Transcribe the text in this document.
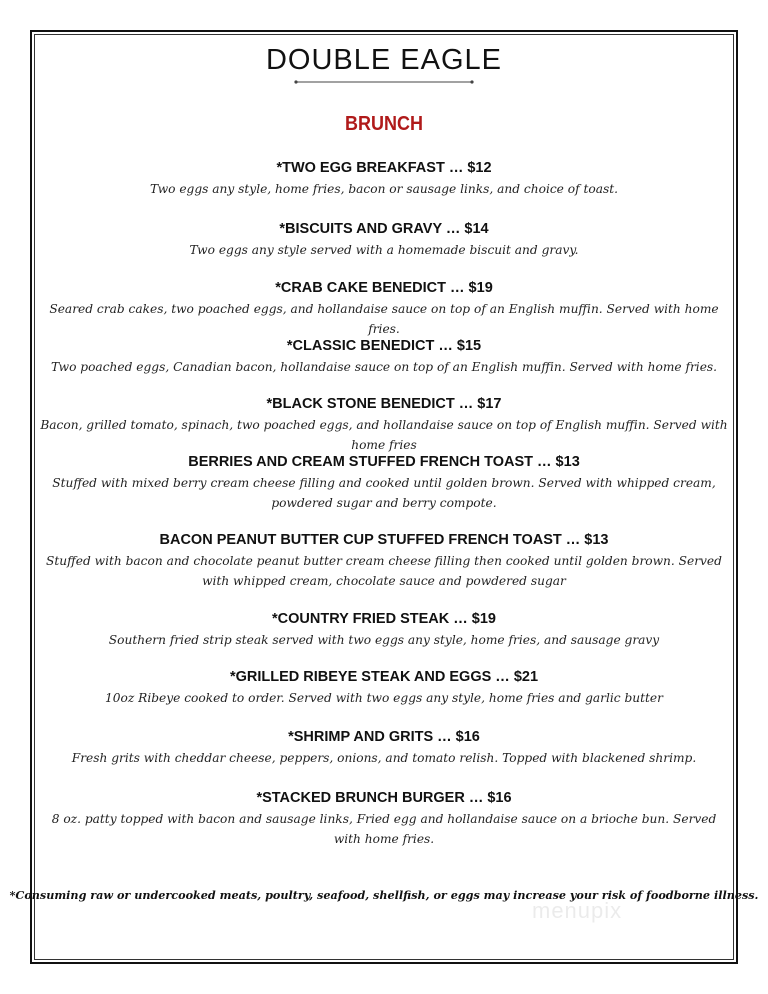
DOUBLE EAGLE
BRUNCH
*TWO EGG BREAKFAST … $12
Two eggs any style, home fries, bacon or sausage links, and choice of toast.
*BISCUITS AND GRAVY … $14
Two eggs any style served with a homemade biscuit and gravy.
*CRAB CAKE BENEDICT … $19
Seared crab cakes, two poached eggs, and hollandaise sauce on top of an English muffin. Served with home fries.
*CLASSIC BENEDICT … $15
Two poached eggs, Canadian bacon, hollandaise sauce on top of an English muffin. Served with home fries.
*BLACK STONE BENEDICT … $17
Bacon, grilled tomato, spinach, two poached eggs, and hollandaise sauce on top of English muffin. Served with home fries
BERRIES AND CREAM STUFFED FRENCH TOAST … $13
Stuffed with mixed berry cream cheese filling and cooked until golden brown. Served with whipped cream, powdered sugar and berry compote.
BACON PEANUT BUTTER CUP STUFFED FRENCH TOAST … $13
Stuffed with bacon and chocolate peanut butter cream cheese filling then cooked until golden brown. Served with whipped cream, chocolate sauce and powdered sugar
*COUNTRY FRIED STEAK … $19
Southern fried strip steak served with two eggs any style, home fries, and sausage gravy
*GRILLED RIBEYE STEAK AND EGGS … $21
10oz Ribeye cooked to order. Served with two eggs any style, home fries and garlic butter
*SHRIMP AND GRITS … $16
Fresh grits with cheddar cheese, peppers, onions, and tomato relish. Topped with blackened shrimp.
*STACKED BRUNCH BURGER … $16
8 oz. patty topped with bacon and sausage links, Fried egg and hollandaise sauce on a brioche bun. Served with home fries.
*Consuming raw or undercooked meats, poultry, seafood, shellfish, or eggs may increase your risk of foodborne illness.
menupix
